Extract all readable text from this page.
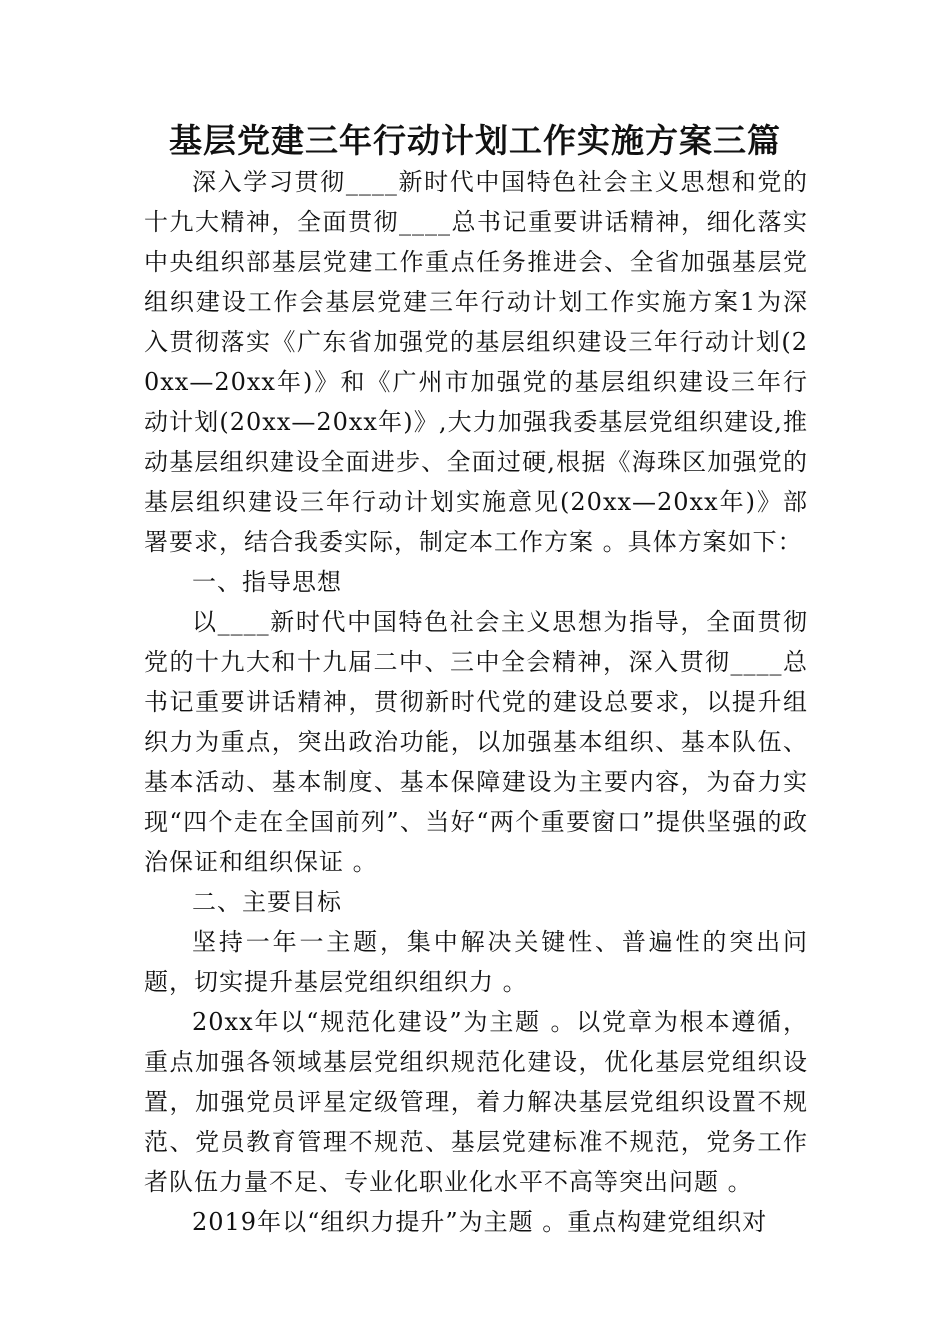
基层党建三年行动计划工作实施方案三篇

深入学习贯彻____新时代中国特色社会主义思想和党的十九大精神，全面贯彻____总书记重要讲话精神，细化落实中央组织部基层党建工作重点任务推进会、全省加强基层党组织建设工作会基层党建三年行动计划工作实施方案1为深入贯彻落实《广东省加强党的基层组织建设三年行动计划(20xx—20xx年)》和《广州市加强党的基层组织建设三年行动计划(20xx—20xx年)》,大力加强我委基层党组织建设,推动基层组织建设全面进步、全面过硬,根据《海珠区加强党的基层组织建设三年行动计划实施意见(20xx—20xx年)》部署要求，结合我委实际，制定本工作方案 。具体方案如下：

一、指导思想

以____新时代中国特色社会主义思想为指导，全面贯彻党的十九大和十九届二中、三中全会精神，深入贯彻____总书记重要讲话精神，贯彻新时代党的建设总要求，以提升组织力为重点，突出政治功能，以加强基本组织、基本队伍、基本活动、基本制度、基本保障建设为主要内容，为奋力实现“四个走在全国前列”、当好“两个重要窗口”提供坚强的政治保证和组织保证 。

二、主要目标

坚持一年一主题，集中解决关键性、普遍性的突出问题，切实提升基层党组织组织力 。

20xx年以“规范化建设”为主题 。以党章为根本遵循，重点加强各领域基层党组织规范化建设，优化基层党组织设置，加强党员评星定级管理，着力解决基层党组织设置不规范、党员教育管理不规范、基层党建标准不规范，党务工作者队伍力量不足、专业化职业化水平不高等突出问题 。

2019年以“组织力提升”为主题 。重点构建党组织对
